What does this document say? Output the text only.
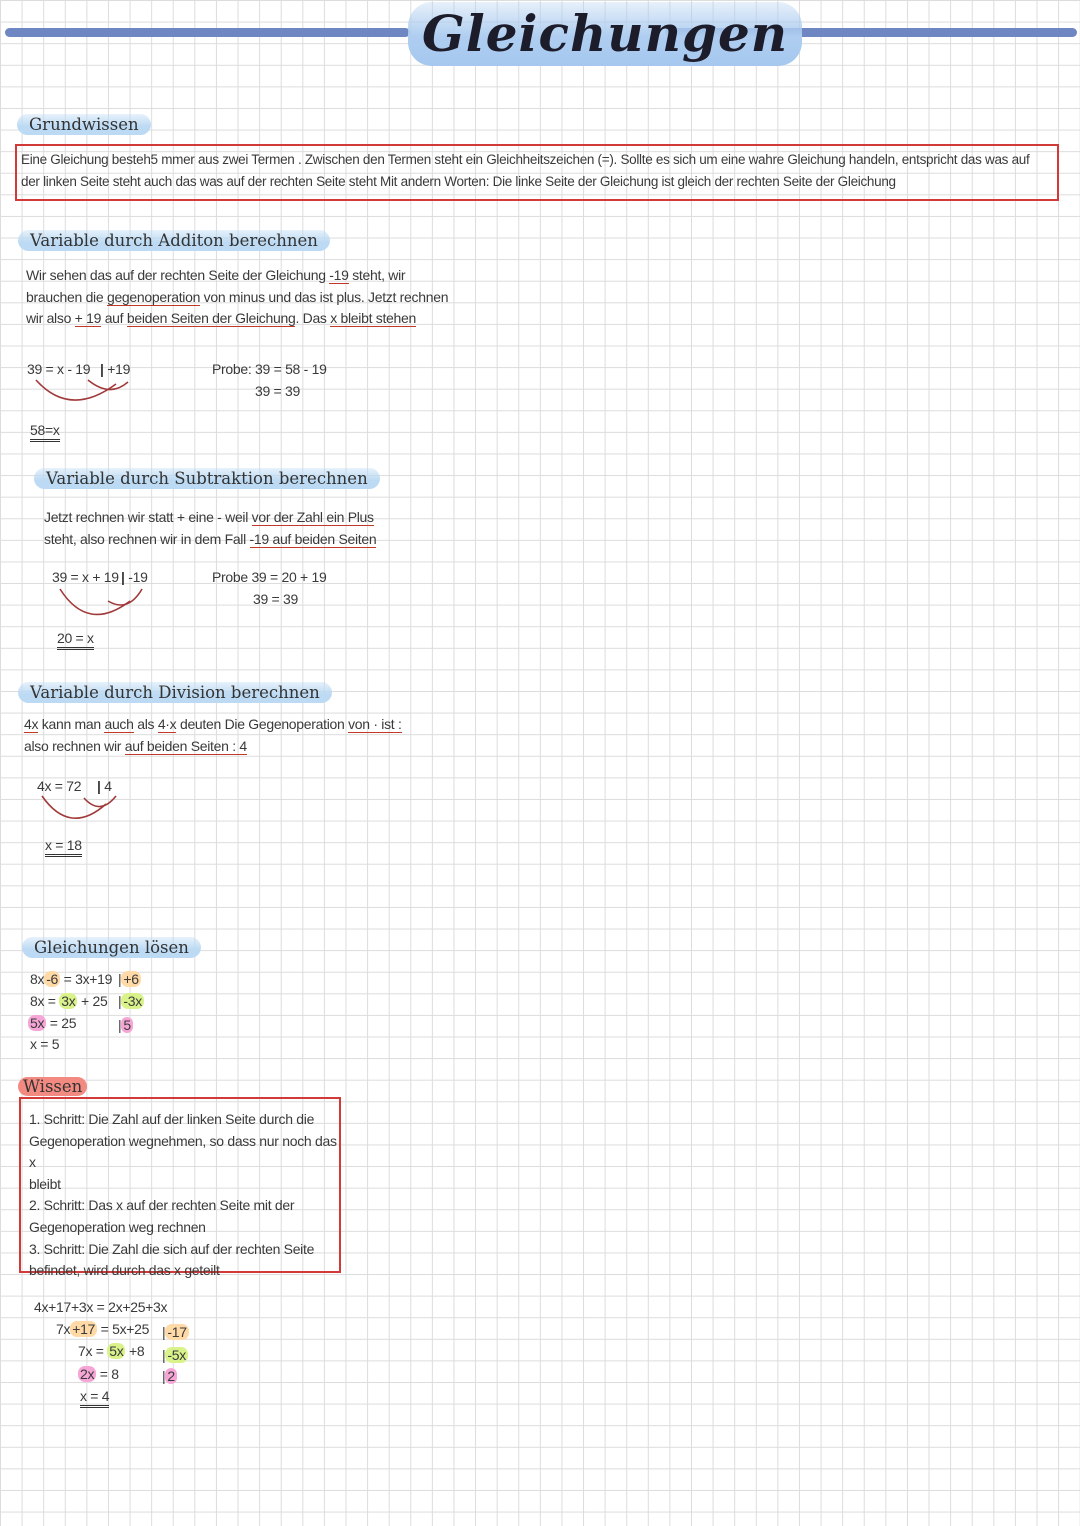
Gleichungen
Grundwissen
Eine Gleichung besteh5 mmer aus zwei Termen . Zwischen den Termen steht ein Gleichheitszeichen (=). Sollte es sich um eine wahre Gleichung handeln, entspricht das was auf
der linken Seite steht auch das was auf der rechten Seite steht Mit andern Worten: Die linke Seite der Gleichung ist gleich der rechten Seite der Gleichung
Variable durch Additon berechnen
Wir sehen das auf der rechten Seite der Gleichung -19 steht, wir
brauchen die gegenoperation von minus und das ist plus. Jetzt rechnen
wir also + 19 auf beiden Seiten der Gleichung. Das x bleibt stehen
39 = x - 19 | +19	Probe: 39 = 58 - 19
39 = 39
58=x
Variable durch Subtraktion berechnen
Jetzt rechnen wir statt + eine - weil vor der Zahl ein Plus
steht, also rechnen wir in dem Fall -19 auf beiden Seiten
39 = x + 19 | -19	Probe 39 = 20 + 19
39 = 39
20 = x
Variable durch Division berechnen
4x kann man auch als 4·x deuten Die Gegenoperation von · ist :
also rechnen wir auf beiden Seiten : 4
4x = 72 | 4
x = 18
Gleichungen lösen
8x -6 = 3x+19 | +6
8x = 3x + 25 | -3x
5x = 25	| 5
x = 5
Wissen
1. Schritt: Die Zahl auf der linken Seite durch die
Gegenoperation wegnehmen, so dass nur noch das x
bleibt
2. Schritt: Das x auf der rechten Seite mit der
Gegenoperation weg rechnen
3. Schritt: Die Zahl die sich auf der rechten Seite
befindet, wird durch das x geteilt
4x+17+3x = 2x+25+3x
7x +17 = 5x+25 | -17
7x = 5x +8 | -5x
2x = 8	| 2
x = 4
